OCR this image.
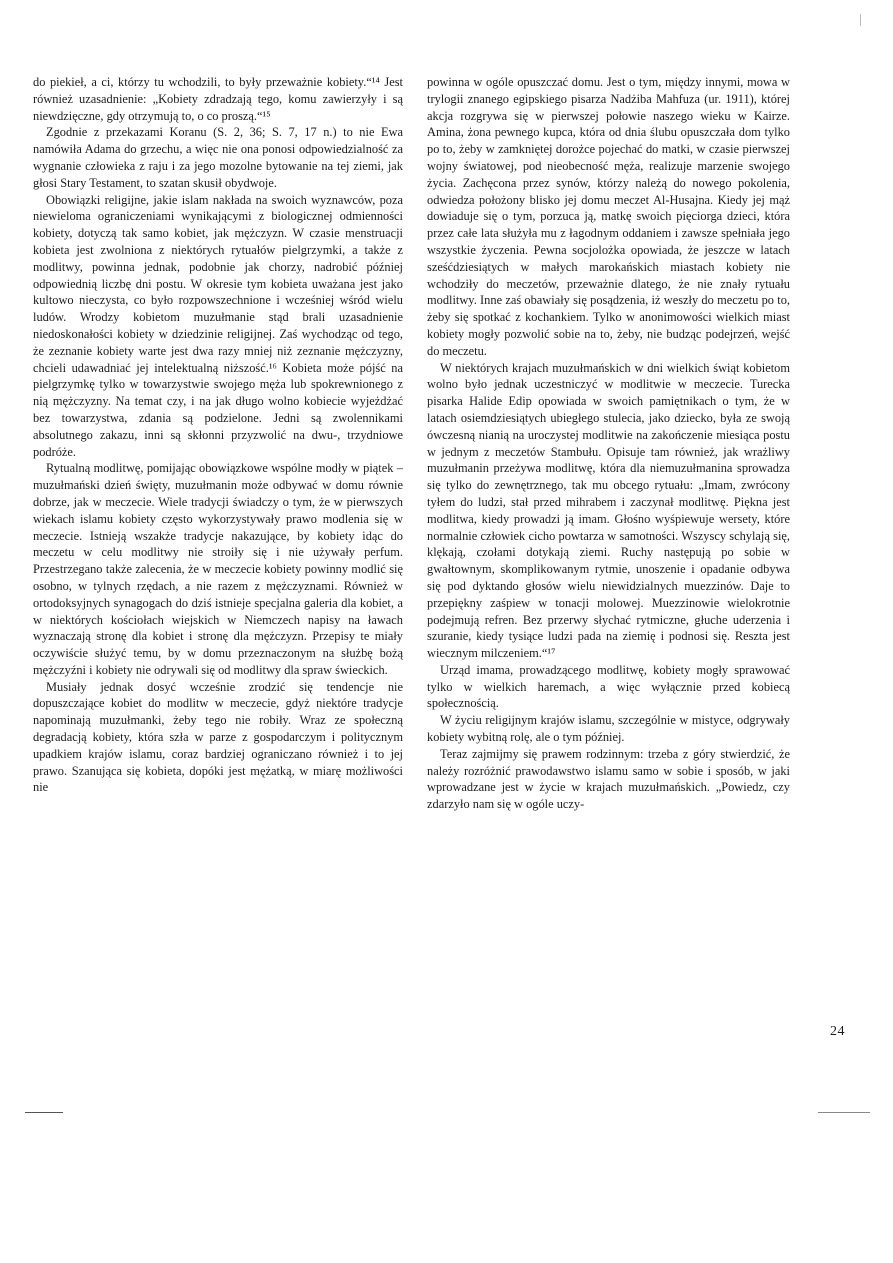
do piekieł, a ci, którzy tu wchodzili, to były przeważnie kobiety.“¹⁴ Jest również uzasadnienie: „Kobiety zdradzają tego, komu zawierzyły i są niewdzięczne, gdy otrzymują to, o co proszą.“¹⁵

Zgodnie z przekazami Koranu (S. 2, 36; S. 7, 17 n.) to nie Ewa namówiła Adama do grzechu, a więc nie ona ponosi odpowiedzialność za wygnanie człowieka z raju i za jego mozolne bytowanie na tej ziemi, jak głosi Stary Testament, to szatan skusił obydwoje.

Obowiązki religijne, jakie islam nakłada na swoich wyznawców, poza niewieloma ograniczeniami wynikającymi z biologicznej odmienności kobiety, dotyczą tak samo kobiet, jak mężczyzn. W czasie menstruacji kobieta jest zwolniona z niektórych rytuałów pielgrzymki, a także z modlitwy, powinna jednak, podobnie jak chorzy, nadrobić później odpowiednią liczbę dni postu. W okresie tym kobieta uważana jest jako kultowo nieczysta, co było rozpowszechnione i wcześniej wśród wielu ludów. Wrodzy kobietom muzułmanie stąd brali uzasadnienie niedoskonałości kobiety w dziedzinie religijnej. Zaś wychodząc od tego, że zeznanie kobiety warte jest dwa razy mniej niż zeznanie mężczyzny, chcieli udawadniać jej intelektualną niższość.¹⁶ Kobieta może pójść na pielgrzymkę tylko w towarzystwie swojego męża lub spokrewnionego z nią mężczyzny. Na temat czy, i na jak długo wolno kobiecie wyjeżdżać bez towarzystwa, zdania są podzielone. Jedni są zwolennikami absolutnego zakazu, inni są skłonni przyzwolić na dwu-, trzydniowe podróże.

Rytualną modlitwę, pomijając obowiązkowe wspólne modły w piątek – muzułmański dzień święty, muzułmanin może odbywać w domu równie dobrze, jak w meczecie. Wiele tradycji świadczy o tym, że w pierwszych wiekach islamu kobiety często wykorzystywały prawo modlenia się w meczecie. Istnieją wszakże tradycje nakazujące, by kobiety idąc do meczetu w celu modlitwy nie stroiły się i nie używały perfum. Przestrzegano także zalecenia, że w meczecie kobiety powinny modlić się osobno, w tylnych rzędach, a nie razem z mężczyznami. Również w ortodoksyjnych synagogach do dziś istnieje specjalna galeria dla kobiet, a w niektórych kościołach wiejskich w Niemczech napisy na ławach wyznaczają stronę dla kobiet i stronę dla mężczyzn. Przepisy te miały oczywiście służyć temu, by w domu przeznaczonym na służbę bożą mężczyźni i kobiety nie odrywali się od modlitwy dla spraw świeckich.

Musiały jednak dosyć wcześnie zrodzić się tendencje nie dopuszczające kobiet do modlitw w meczecie, gdyż niektóre tradycje napominają muzułmanki, żeby tego nie robiły. Wraz ze społeczną degradacją kobiety, która szła w parze z gospodarczym i politycznym upadkiem krajów islamu, coraz bardziej ograniczano również i to jej prawo. Szanująca się kobieta, dopóki jest mężatką, w miarę możliwości nie

powinna w ogóle opuszczać domu. Jest o tym, między innymi, mowa w trylogii znanego egipskiego pisarza Nadżiba Mahfuza (ur. 1911), której akcja rozgrywa się w pierwszej połowie naszego wieku w Kairze. Amina, żona pewnego kupca, która od dnia ślubu opuszczała dom tylko po to, żeby w zamkniętej dorożce pojechać do matki, w czasie pierwszej wojny światowej, pod nieobecność męża, realizuje marzenie swojego życia. Zachęcona przez synów, którzy należą do nowego pokolenia, odwiedza położony blisko jej domu meczet Al-Husajna. Kiedy jej mąż dowiaduje się o tym, porzuca ją, matkę swoich pięciorga dzieci, która przez całe lata służyła mu z łagodnym oddaniem i zawsze spełniała jego wszystkie życzenia. Pewna socjolożka opowiada, że jeszcze w latach sześćdziesiątych w małych marokańskich miastach kobiety nie wchodziły do meczetów, przeważnie dlatego, że nie znały rytuału modlitwy. Inne zaś obawiały się posądzenia, iż weszły do meczetu po to, żeby się spotkać z kochankiem. Tylko w anonimowości wielkich miast kobiety mogły pozwolić sobie na to, żeby, nie budząc podejrzeń, wejść do meczetu.

W niektórych krajach muzułmańskich w dni wielkich świąt kobietom wolno było jednak uczestniczyć w modlitwie w meczecie. Turecka pisarka Halide Edip opowiada w swoich pamiętnikach o tym, że w latach osiemdziesiątych ubiegłego stulecia, jako dziecko, była ze swoją ówczesną nianią na uroczystej modlitwie na zakończenie miesiąca postu w jednym z meczetów Stambułu. Opisuje tam również, jak wrażliwy muzułmanin przeżywa modlitwę, która dla niemuzułmanina sprowadza się tylko do zewnętrznego, tak mu obcego rytuału: „Imam, zwrócony tyłem do ludzi, stał przed mihrabem i zaczynał modlitwę. Piękna jest modlitwa, kiedy prowadzi ją imam. Głośno wyśpiewuje wersety, które normalnie człowiek cicho powtarza w samotności. Wszyscy schylają się, klękają, czołami dotykają ziemi. Ruchy następują po sobie w gwałtownym, skomplikowanym rytmie, unoszenie i opadanie odbywa się pod dyktando głosów wielu niewidzialnych muezzinów. Daje to przepiękny zaśpiew w tonacji molowej. Muezzinowie wielokrotnie podejmują refren. Bez przerwy słychać rytmiczne, głuche uderzenia i szuranie, kiedy tysiące ludzi pada na ziemię i podnosi się. Reszta jest wiecznym milczeniem.“¹⁷

Urząd imama, prowadzącego modlitwę, kobiety mogły sprawować tylko w wielkich haremach, a więc wyłącznie przed kobiecą społecznością.

W życiu religijnym krajów islamu, szczególnie w mistyce, odgrywały kobiety wybitną rolę, ale o tym później.

Teraz zajmijmy się prawem rodzinnym: trzeba z góry stwierdzić, że należy rozróżnić prawodawstwo islamu samo w sobie i sposób, w jaki wprowadzane jest w życie w krajach muzułmańskich. „Powiedz, czy zdarzyło nam się w ogóle uczy-

24
